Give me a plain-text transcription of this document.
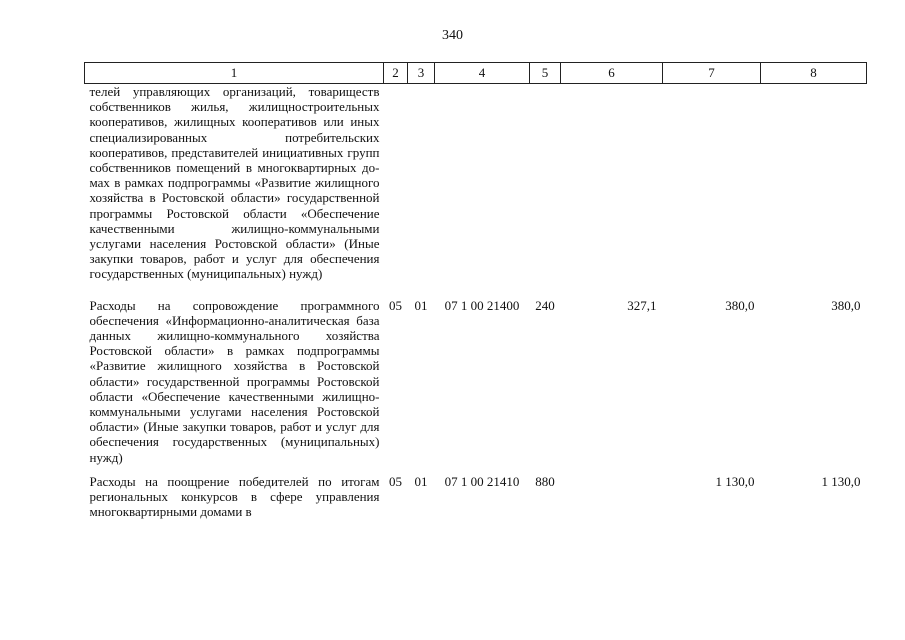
340
1	2	3	4	5	6	7	8
телей управляющих организаций, товариществ собственников жилья, жилищностроительных кооперативов, жилищных кооперативов или иных специализированных потребительских кооперативов, представителей инициативных групп собственников помещений в многоквартирных домах в рамках подпрограммы «Развитие жилищного хозяйства в Ростовской области» государственной программы Ростовской области «Обеспечение качественными жилищно-коммунальными услугами населения Ростовской области» (Иные закупки товаров, работ и услуг для обеспечения государственных (муниципальных) нужд)							
Расходы на сопровождение программного обеспечения «Информационно-аналитическая база данных жилищно-коммунального хозяйства Ростовской области» в рамках подпрограммы «Развитие жилищного хозяйства в Ростовской области» государственной программы Ростовской области «Обеспечение качественными жилищнокоммунальными услугами населения Ростовской области» (Иные закупки товаров, работ и услуг для обеспечения государственных (муниципальных) нужд)	05	01	07 1 00 21400	240	327,1	380,0	380,0
Расходы на поощрение победителей по итогам региональных конкурсов в сфере управления многоквартирными домами в	05	01	07 1 00 21410	880		1 130,0	1 130,0
